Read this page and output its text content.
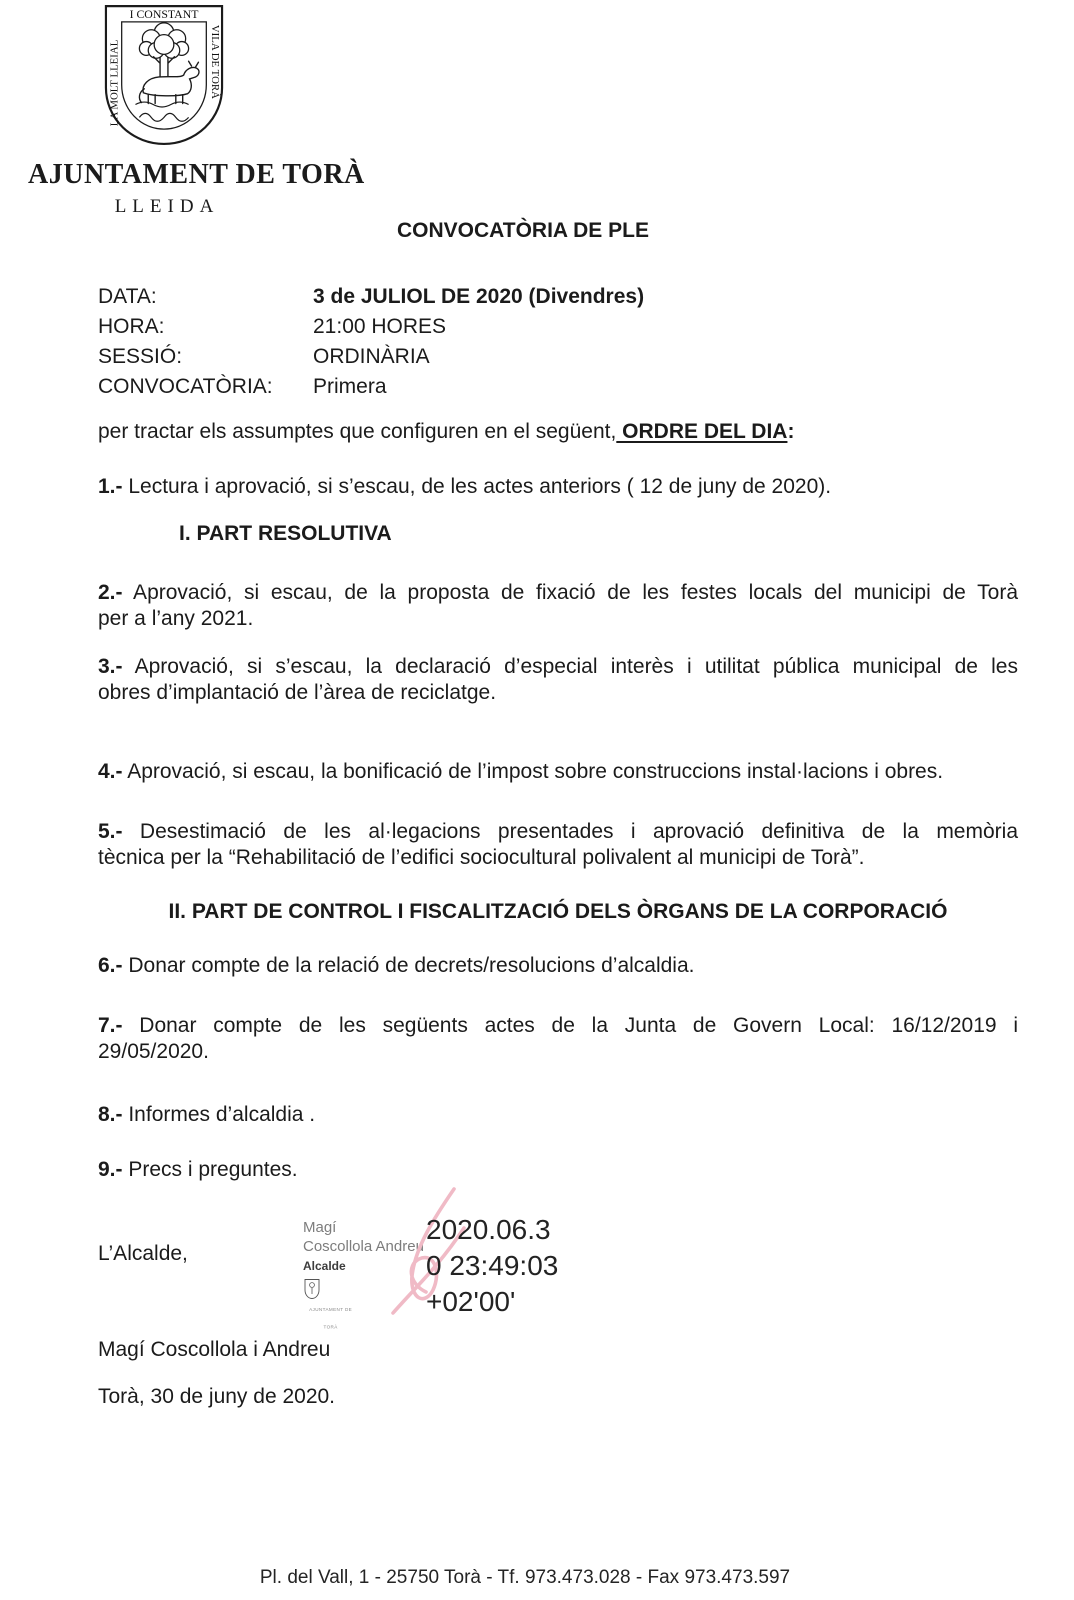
I CONSTANT
LA MOLT LLEIAL	VILA DE TORÀ
AJUNTAMENT DE TORÀ
LLEIDA
CONVOCATÒRIA DE PLE
DATA:	3 de JULIOL DE 2020 (Divendres)
HORA:	21:00 HORES
SESSIÓ:	ORDINÀRIA
CONVOCATÒRIA: Primera
per tractar els assumptes que configuren en el següent, ORDRE DEL DIA:
1.- Lectura i aprovació, si s’escau, de les actes anteriors ( 12 de juny de 2020).
I. PART RESOLUTIVA
2.- Aprovació, si escau, de la proposta de fixació de les festes locals del municipi de Torà
per a l’any 2021.
3.- Aprovació, si s’escau, la declaració d’especial interès i utilitat pública municipal de les
obres d’implantació de l’àrea de reciclatge.
4.- Aprovació, si escau, la bonificació de l’impost sobre construccions instal·lacions i obres.
5.- Desestimació de les al·legacions presentades i aprovació definitiva de la memòria
tècnica per la “Rehabilitació de l’edifici sociocultural polivalent al municipi de Torà”.
II. PART DE CONTROL I FISCALITZACIÓ DELS ÒRGANS DE LA CORPORACIÓ
6.- Donar compte de la relació de decrets/resolucions d’alcaldia.
7.- Donar compte de les següents actes de la Junta de Govern Local: 16/12/2019 i
29/05/2020.
8.- Informes d’alcaldia .
9.- Precs i preguntes.
L’Alcalde,
Magí
Coscollola Andreu
Alcalde
AJUNTAMENT DE TORÀ
2020.06.3
0 23:49:03
+02'00'
Magí Coscollola i Andreu
Torà, 30 de juny de 2020.
Pl. del Vall, 1 - 25750 Torà - Tf. 973.473.028 - Fax 973.473.597
